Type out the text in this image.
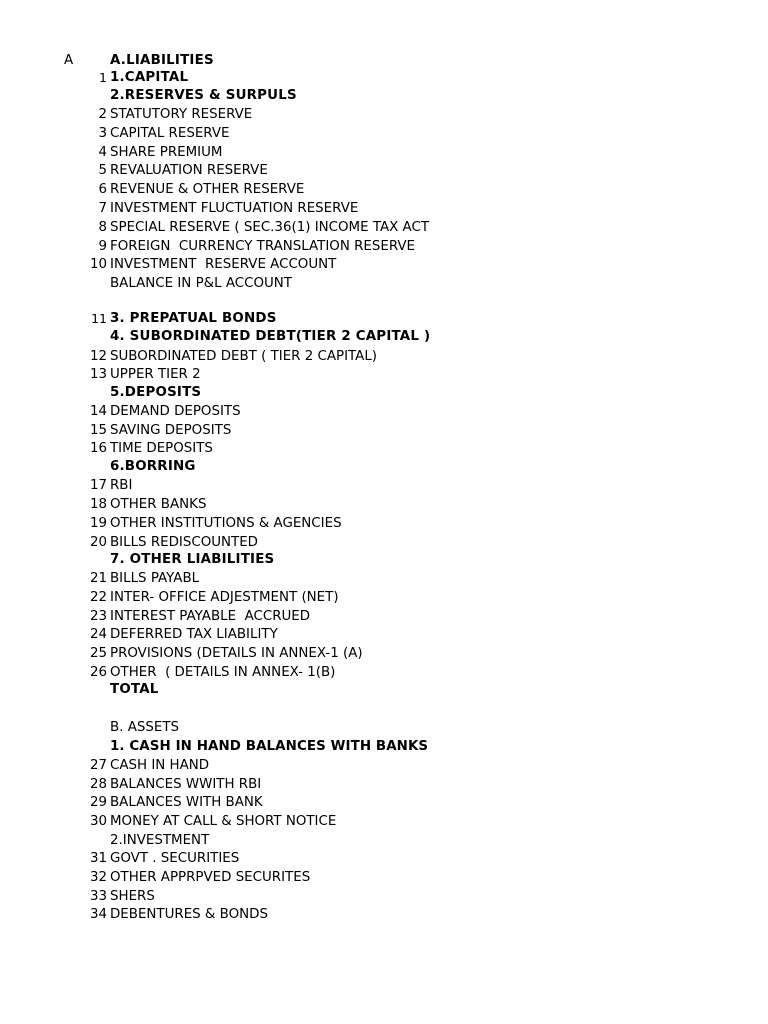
A

	A.LIABILITIES
1 1.CAPITAL
2.RESERVES & SURPULS
2 STATUTORY RESERVE
3 CAPITAL RESERVE
4 SHARE PREMIUM
5 REVALUATION RESERVE
6 REVENUE & OTHER RESERVE
7 INVESTMENT FLUCTUATION RESERVE
8 SPECIAL RESERVE ( SEC.36(1) INCOME TAX ACT
9 FOREIGN  CURRENCY TRANSLATION RESERVE
10 INVESTMENT  RESERVE ACCOUNT
BALANCE IN P&L ACCOUNT
11 3. PREPATUAL BONDS
4. SUBORDINATED DEBT(TIER 2 CAPITAL )
12 SUBORDINATED DEBT ( TIER 2 CAPITAL)
13 UPPER TIER 2
5.DEPOSITS
14 DEMAND DEPOSITS
15 SAVING DEPOSITS
16 TIME DEPOSITS
6.BORRING
17 RBI
18 OTHER BANKS
19 OTHER INSTITUTIONS & AGENCIES
20 BILLS REDISCOUNTED
7. OTHER LIABILITIES
21 BILLS PAYABL
22 INTER- OFFICE ADJESTMENT (NET)
23 INTEREST PAYABLE  ACCRUED
24 DEFERRED TAX LIABILITY
25 PROVISIONS (DETAILS IN ANNEX-1 (A)
26 OTHER  ( DETAILS IN ANNEX- 1(B)
TOTAL
B. ASSETS
1. CASH IN HAND BALANCES WITH BANKS
27 CASH IN HAND
28 BALANCES WWITH RBI
29 BALANCES WITH BANK
30 MONEY AT CALL & SHORT NOTICE
2.INVESTMENT
31 GOVT . SECURITIES
32 OTHER APPRPVED SECURITES
33 SHERS
34 DEBENTURES & BONDS
